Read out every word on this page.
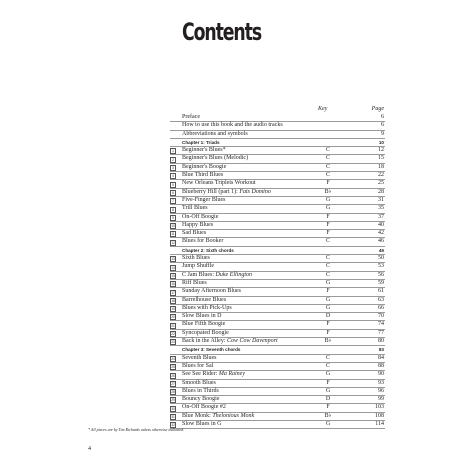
Contents
Key	Page
Preface	6
How to use this book and the audio tracks	6
Abbreviations and symbols	9
Chapter 1: Triads	10
1	Beginner's Blues*	C	12
2	Beginner's Blues (Melodic)	C	15
3	Beginner's Boogie	C	18
4	Blue Third Blues	C	22
5	New Orleans Triplets Workout	F	25
6	Blueberry Hill (part 1): Fats Domino	B♭	28
7	Five-Finger Blues	G	31
8	Trill Blues	G	35
9	On-Off Boogie	F	37
10 Happy Blues	F	40
11 Sad Blues	F	42
12 Blues for Booker	C	46
Chapter 2: Sixth chords	49
13 Sixth Blues	C	50
14 Jump Shuffle	C	53
15 C Jam Blues: Duke Ellington	C	56
16 Riff Blues	G	59
17 Sunday Afternoon Blues	F	61
18 Barrelhouse Blues	G	63
19 Blues with Pick-Ups	G	66
20 Slow Blues in D	D	70
21 Blue Fifth Boogie	F	74
22 Syncopated Boogie	F	77
23 Back in the Alley: Cow Cow Davenport	B♭	80
Chapter 3: Seventh chords	83
24 Seventh Blues	C	84
25 Blues for Sal	C	88
26 See See Rider: Ma Rainey	G	90
27 Smooth Blues	F	93
28 Blues in Thirds	G	96
29 Bouncy Boogie	D	99
30 On-Off Boogie #2	F	103
31 Blue Monk: Thelonious Monk	B♭	108
32 Slow Blues in G	G	114
* All pieces are by Tim Richards unless otherwise indicated.
4
